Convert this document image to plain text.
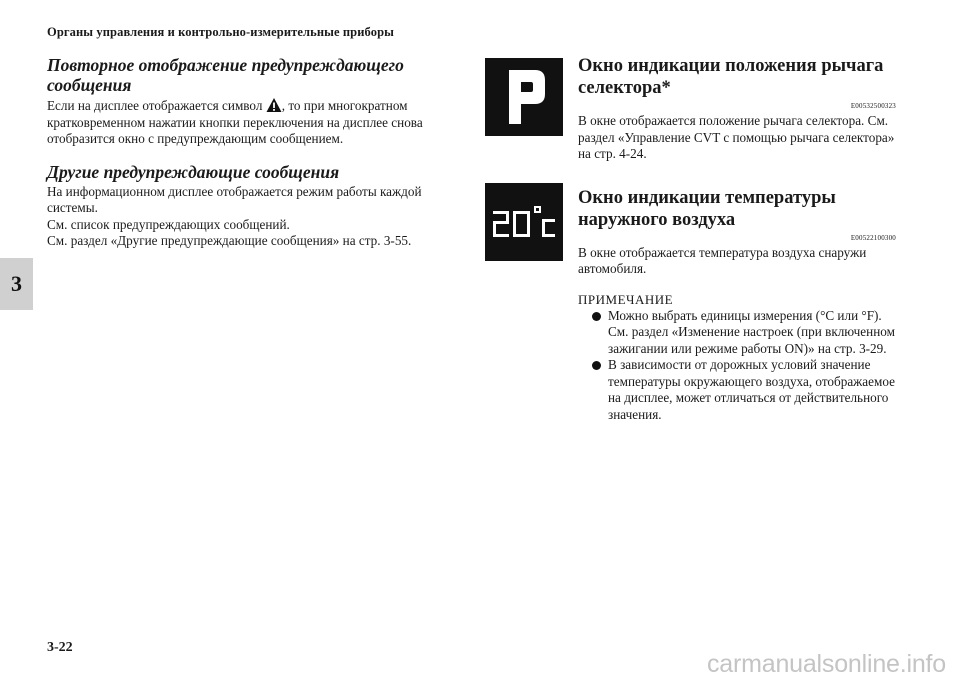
Органы управления и контрольно-измерительные приборы
3
Повторное отображение предупреждающего сообщения

Если на дисплее отображается символ , то при многократном кратковременном нажатии кнопки переключения на дисплее снова отобразится окно с предупреждающим сообщением.

Другие предупреждающие сообщения

На информационном дисплее отображается режим работы каждой системы.

См. список предупреждающих сообщений.

См. раздел «Другие предупреждающие сообщения» на стр. 3-55.

Окно индикации положения рычага селектора*
E00532500323

В окне отображается положение рычага селектора. См. раздел «Управление CVT с помощью рычага селектора» на стр. 4-24.

Окно индикации температуры наружного воздуха
E00522100300

В окне отображается температура воздуха снаружи автомобиля.

ПРИМЕЧАНИЕ

Можно выбрать единицы измерения (°C или °F). См. раздел «Изменение настроек (при включенном зажигании или режиме работы ON)» на стр. 3-29.
В зависимости от дорожных условий значение температуры окружающего воздуха, отображаемое на дисплее, может отличаться от действительного значения.
3-22
carmanualsonline.info
